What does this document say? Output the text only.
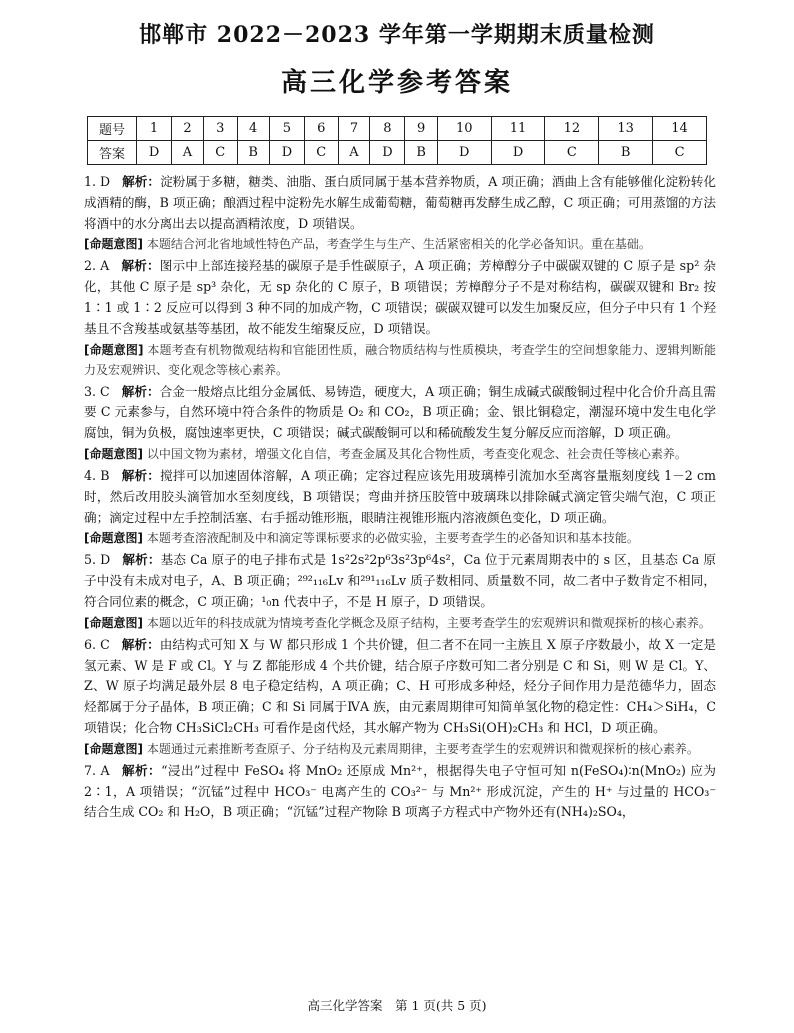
邯郸市 2022－2023 学年第一学期期末质量检测
高三化学参考答案
题号	1	2	3	4	5	6	7	8	9	10	11	12	13	14
答案	D	A	C	B	D	C	A	D	B	D	D	C	B	C

1. D 解析：淀粉属于多糖，糖类、油脂、蛋白质同属于基本营养物质，A 项正确；酒曲上含有能够催化淀粉转化成酒精的酶，B 项正确；酿酒过程中淀粉先水解生成葡萄糖，葡萄糖再发酵生成乙醇，C 项正确；可用蒸馏的方法将酒中的水分离出去以提高酒精浓度，D 项错误。

[命题意图] 本题结合河北省地域性特色产品，考查学生与生产、生活紧密相关的化学必备知识。重在基础。

2. A 解析：图示中上部连接羟基的碳原子是手性碳原子，A 项正确；芳樟醇分子中碳碳双键的 C 原子是 sp² 杂化，其他 C 原子是 sp³ 杂化，无 sp 杂化的 C 原子，B 项错误；芳樟醇分子不是对称结构，碳碳双键和 Br₂ 按 1∶1 或 1∶2 反应可以得到 3 种不同的加成产物，C 项错误；碳碳双键可以发生加聚反应，但分子中只有 1 个羟基且不含羧基或氨基等基团，故不能发生缩聚反应，D 项错误。

[命题意图] 本题考查有机物微观结构和官能团性质，融合物质结构与性质模块，考查学生的空间想象能力、逻辑判断能力及宏观辨识、变化观念等核心素养。

3. C 解析：合金一般熔点比组分金属低、易铸造，硬度大，A 项正确；铜生成碱式碳酸铜过程中化合价升高且需要 C 元素参与，自然环境中符合条件的物质是 O₂ 和 CO₂，B 项正确；金、银比铜稳定，潮湿环境中发生电化学腐蚀，铜为负极，腐蚀速率更快，C 项错误；碱式碳酸铜可以和稀硫酸发生复分解反应而溶解，D 项正确。

[命题意图] 以中国文物为素材，增强文化自信，考查金属及其化合物性质，考查变化观念、社会责任等核心素养。

4. B 解析：搅拌可以加速固体溶解，A 项正确；定容过程应该先用玻璃棒引流加水至离容量瓶刻度线 1－2 cm 时，然后改用胶头滴管加水至刻度线，B 项错误；弯曲并挤压胶管中玻璃珠以排除碱式滴定管尖端气泡，C 项正确；滴定过程中左手控制活塞、右手摇动锥形瓶，眼睛注视锥形瓶内溶液颜色变化，D 项正确。

[命题意图] 本题考查溶液配制及中和滴定等课标要求的必做实验，主要考查学生的必备知识和基本技能。

5. D 解析：基态 Ca 原子的电子排布式是 1s²2s²2p⁶3s²3p⁶4s²，Ca 位于元素周期表中的 s 区，且基态 Ca 原子中没有未成对电子，A、B 项正确；²⁹²₁₁₆Lv 和²⁹¹₁₁₆Lv 质子数相同、质量数不同，故二者中子数肯定不相同，符合同位素的概念，C 项正确；¹₀n 代表中子，不是 H 原子，D 项错误。

[命题意图] 本题以近年的科技成就为情境考查化学概念及原子结构，主要考查学生的宏观辨识和微观探析的核心素养。

6. C 解析：由结构式可知 X 与 W 都只形成 1 个共价键，但二者不在同一主族且 X 原子序数最小，故 X 一定是氢元素、W 是 F 或 Cl。Y 与 Z 都能形成 4 个共价键，结合原子序数可知二者分别是 C 和 Si，则 W 是 Cl。Y、Z、W 原子均满足最外层 8 电子稳定结构，A 项正确；C、H 可形成多种烃，烃分子间作用力是范德华力，固态烃都属于分子晶体，B 项正确；C 和 Si 同属于ⅣA 族，由元素周期律可知简单氢化物的稳定性：CH₄＞SiH₄，C 项错误；化合物 CH₃SiCl₂CH₃ 可看作是卤代烃，其水解产物为 CH₃Si(OH)₂CH₃ 和 HCl，D 项正确。

[命题意图] 本题通过元素推断考查原子、分子结构及元素周期律，主要考查学生的宏观辨识和微观探析的核心素养。

7. A 解析：“浸出”过程中 FeSO₄ 将 MnO₂ 还原成 Mn²⁺，根据得失电子守恒可知 n(FeSO₄)∶n(MnO₂) 应为 2∶1，A 项错误；“沉锰”过程中 HCO₃⁻ 电离产生的 CO₃²⁻ 与 Mn²⁺ 形成沉淀，产生的 H⁺ 与过量的 HCO₃⁻ 结合生成 CO₂ 和 H₂O，B 项正确；“沉锰”过程产物除 B 项离子方程式中产物外还有(NH₄)₂SO₄，

高三化学答案　第 1 页(共 5 页)
